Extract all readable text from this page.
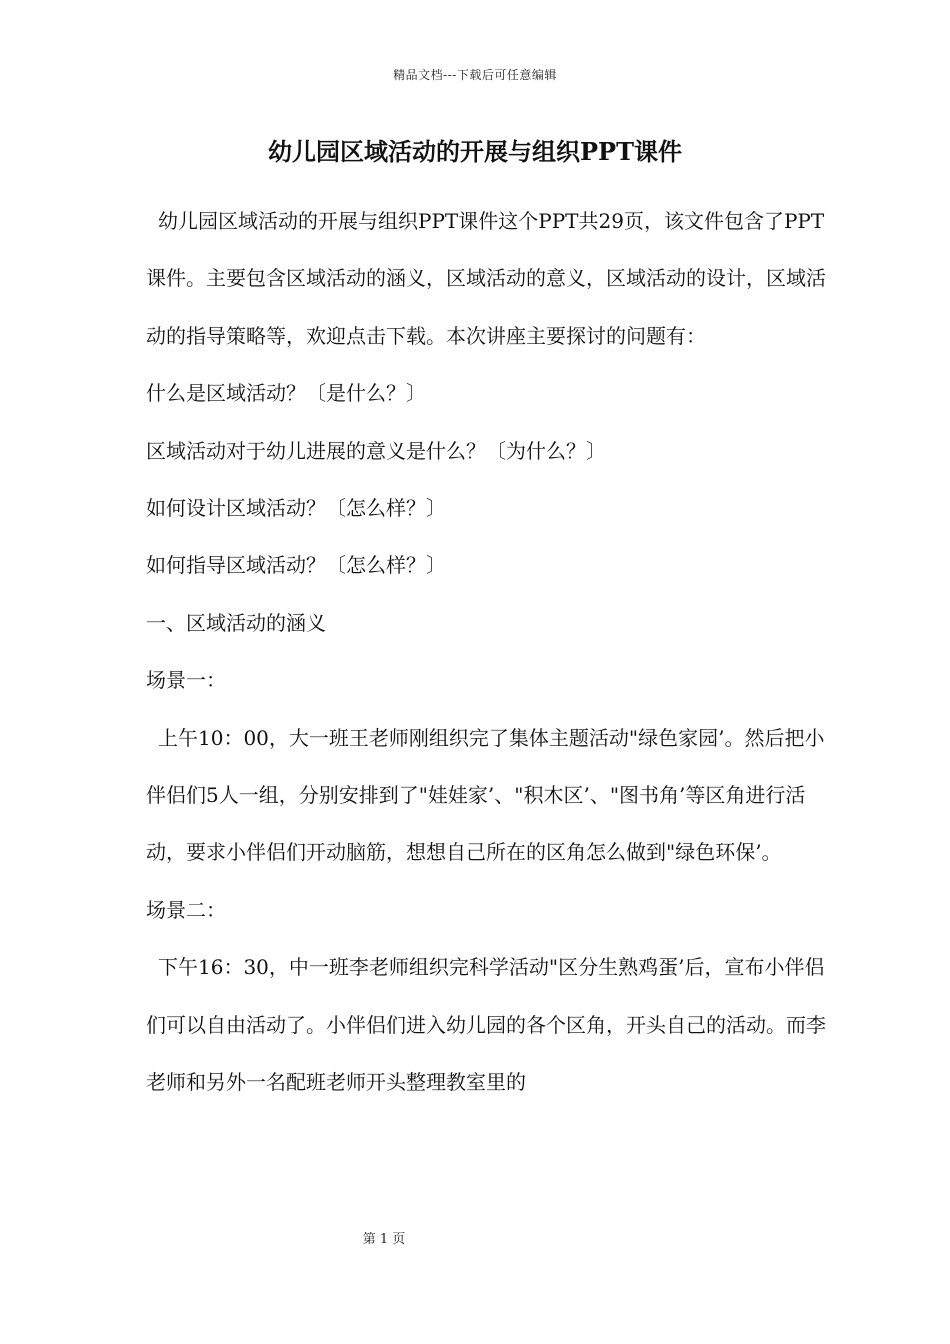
精品文档---下载后可任意编辑
幼儿园区域活动的开展与组织PPT课件

幼儿园区域活动的开展与组织PPT课件这个PPT共29页，该文件包含了PPT课件。主要包含区域活动的涵义，区域活动的意义，区域活动的设计，区域活动的指导策略等，欢迎点击下载。本次讲座主要探讨的问题有：

什么是区域活动？〔是什么？〕

区域活动对于幼儿进展的意义是什么？〔为什么？〕

如何设计区域活动？〔怎么样？〕

如何指导区域活动？〔怎么样？〕

一、区域活动的涵义

场景一：

上午10：00，大一班王老师刚组织完了集体主题活动"绿色家园’。然后把小伴侣们5人一组，分别安排到了"娃娃家’、"积木区’、"图书角’等区角进行活动，要求小伴侣们开动脑筋，想想自己所在的区角怎么做到"绿色环保’。

场景二：

下午16：30，中一班李老师组织完科学活动"区分生熟鸡蛋’后，宣布小伴侣们可以自由活动了。小伴侣们进入幼儿园的各个区角，开头自己的活动。而李老师和另外一名配班老师开头整理教室里的

第 1 页
